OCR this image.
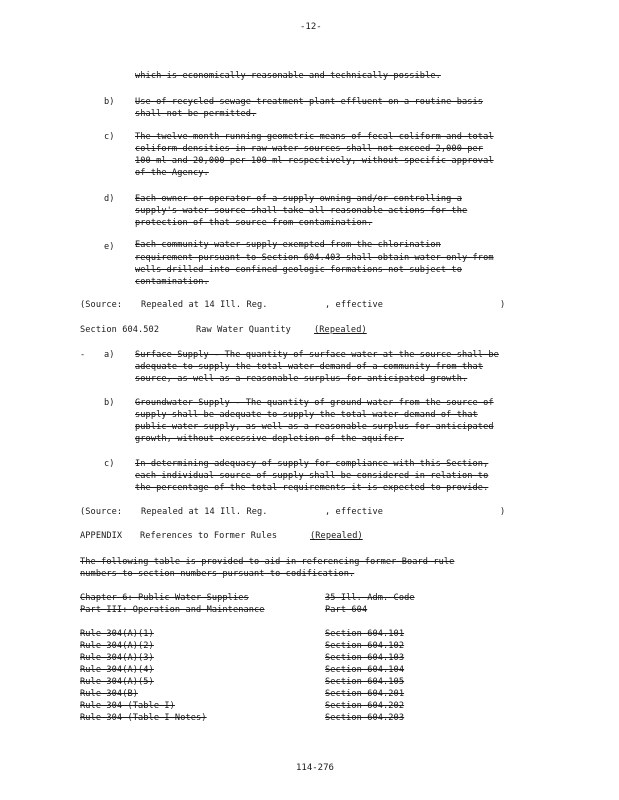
-12-
which is economically reasonable and technically possible.
b) Use of recycled sewage treatment plant effluent on a routine basis
shall not be permitted.
c) The twelve-month running geometric means of fecal coliform and total
coliform densities in raw water sources shall not exceed 2,000 per
100 ml and 20,000 per 100 ml respectively, without specific approval
of the Agency.
d) Each owner or operator of a supply owning and/or controlling a
supply's water source shall take all reasonable actions for the
protection of that source from contamination.
e) Each community water supply exempted from the chlorination
requirement pursuant to Section 604.403 shall obtain water only from
wells drilled into confined geologic formations not subject to
contamination.
(Source: Repealed at 14 Ill. Reg.	, effective	)
Section 604.502	Raw Water Quantity	(Repealed)
- a) Surface Supply - The quantity of surface water at the source shall be
adequate to supply the total water demand of a community from that
source, as well as a reasonable surplus for anticipated growth.
b) Groundwater Supply - The quantity of ground water from the source of
supply shall be adequate to supply the total water demand of that
public water supply, as well as a reasonable surplus for anticipated
growth, without excessive depletion of the aquifer.
c) In determining adequacy of supply for compliance with this Section,
each individual source of supply shall be considered in relation to
the percentage of the total requirements it is expected to provide.
(Source: Repealed at 14 Ill. Reg.	, effective	)
APPENDIX References to Former Rules	(Repealed)
The following table is provided to aid in referencing former Board rule
numbers to section numbers pursuant to codification.
Chapter 6: Public Water Supplies	35 Ill. Adm. Code
Part III: Operation and Maintenance	Part 604
Rule 304(A)(1)	Section 604.101
Rule 304(A)(2)	Section 604.102
Rule 304(A)(3)	Section 604.103
Rule 304(A)(4)	Section 604.104
Rule 304(A)(5)	Section 604.105
Rule 304(B)	Section 604.201
Rule 304 (Table I)	Section 604.202
Rule 304 (Table I Notes)	Section 604.203
114-276
